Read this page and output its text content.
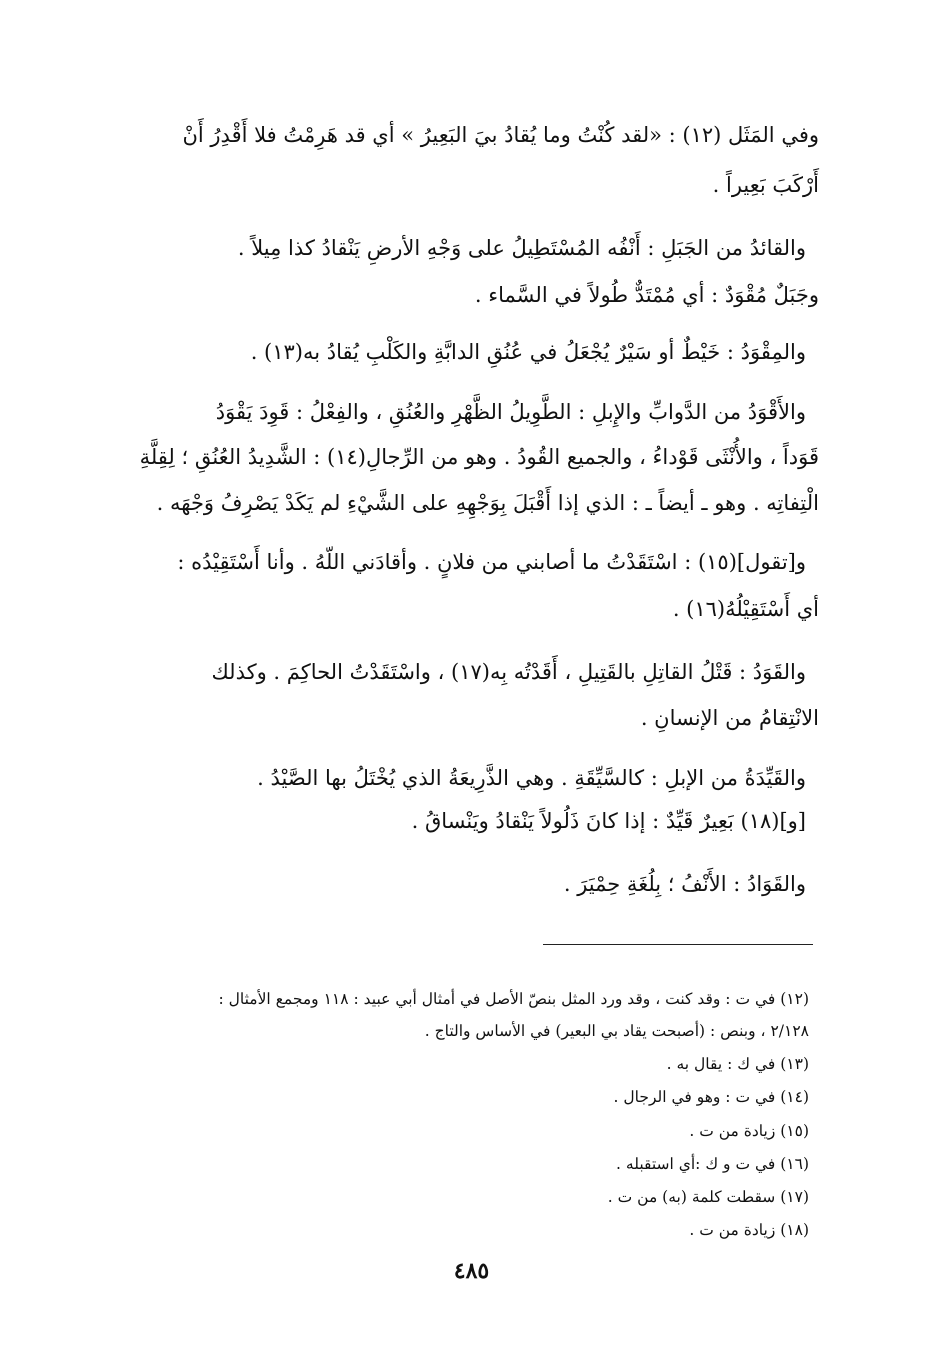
وفي المَثَل (١٢) : «لقد كُنْتُ وما يُقادُ بيَ البَعِيرُ » أي قد هَرِمْتُ فلا أَقْدِرُ أَنْ
أَرْكَبَ بَعِيراً .
والقائدُ من الجَبَلِ : أَنْفُه المُسْتَطِيلُ على وَجْهِ الأرضِ يَنْقادُ كذا مِيلاً .
وجَبَلٌ مُقْوَدٌ : أي مُمْتَدٌّ طُولاً في السَّماء .
والمِقْوَدُ : خَيْطٌ أو سَيْرٌ يُجْعَلُ في عُنُقِ الدابَّةِ والكَلْبِ يُقادُ به(١٣) .
والأَقْوَدُ من الدَّوابِّ والإِبلِ : الطَّوِيلُ الظَّهْرِ والعُنُقِ ، والفِعْلُ : قَوِدَ يَقْوَدُ
قَوَداً ، والأُنْثَى قَوْداءُ ، والجميع القُودُ . وهو من الرِّجالِ(١٤) : الشَّدِيدُ العُنُقِ ؛ لِقِلَّةِ
الْتِفاتِه . وهو ـ أيضاً ـ : الذي إذا أَقْبَلَ بِوَجْهِهِ على الشَّيْءِ لم يَكَدْ يَصْرِفُ وَجْهَه .
و[تقول](١٥) : اسْتَقَدْتُ ما أصابني من فلانٍ . وأقادَني اللّهُ . وأنا أَسْتَقِيْدُه :
أي أَسْتَقِيْلُهُ(١٦) .
والقَوَدُ : قَتْلُ القاتِلِ بالقَتِيلِ ، أَقَدْتُه بِه(١٧) ، واسْتَقَدْتُ الحاكِمَ . وكذلك
الانْتِقامُ من الإنسانِ .
والقَيِّدَةُ من الإبلِ : كالسَّيِّقَةِ . وهي الذَّرِيعَةُ الذي يُخْتَلُ بها الصَّيْدُ .
[و](١٨) بَعِيرٌ قَيِّدٌ : إذا كانَ ذَلُولاً يَنْقادُ ويَنْساقُ .
والقَوَادُ : الأَنْفُ ؛ بِلُغَةِ حِمْيَرَ .
(١٢) في ت : وقد كنت ، وقد ورد المثل بنصّ الأصل في أمثال أبي عبيد : ١١٨ ومجمع الأمثال :
٢/١٢٨ ، وبنص : (أصبحت يقاد بي البعير) في الأساس والتاج .
(١٣) في ك : يقال به .
(١٤) في ت : وهو في الرجال .
(١٥) زيادة من ت .
(١٦) في ت و ك :أي استقبله .
(١٧) سقطت كلمة (به) من ت .
(١٨) زيادة من ت .
٤٨٥
